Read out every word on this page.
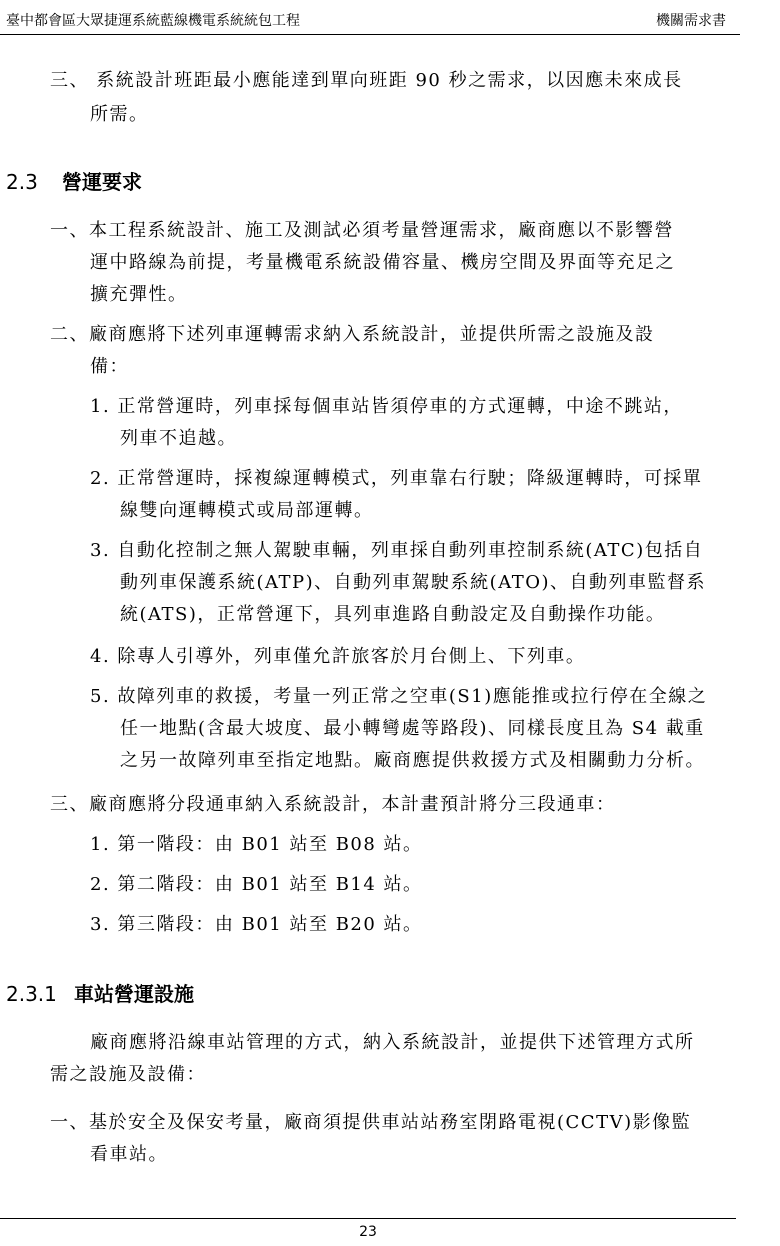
臺中都會區大眾捷運系統藍線機電系統統包工程	機關需求書
三、 系統設計班距最小應能達到單向班距 90 秒之需求，以因應未來成長
所需。
2.3 營運要求
一、本工程系統設計、施工及測試必須考量營運需求，廠商應以不影響營
運中路線為前提，考量機電系統設備容量、機房空間及界面等充足之
擴充彈性。
二、廠商應將下述列車運轉需求納入系統設計，並提供所需之設施及設
備：
1. 正常營運時，列車採每個車站皆須停車的方式運轉，中途不跳站，
列車不追越。
2. 正常營運時，採複線運轉模式，列車靠右行駛；降級運轉時，可採單
線雙向運轉模式或局部運轉。
3. 自動化控制之無人駕駛車輛，列車採自動列車控制系統(ATC)包括自
動列車保護系統(ATP)、自動列車駕駛系統(ATO)、自動列車監督系
統(ATS)，正常營運下，具列車進路自動設定及自動操作功能。
4. 除專人引導外，列車僅允許旅客於月台側上、下列車。
5. 故障列車的救援，考量一列正常之空車(S1)應能推或拉行停在全線之
任一地點(含最大坡度、最小轉彎處等路段)、同樣長度且為 S4 載重
之另一故障列車至指定地點。廠商應提供救援方式及相關動力分析。
三、廠商應將分段通車納入系統設計，本計畫預計將分三段通車：
1. 第一階段：由 B01 站至 B08 站。
2. 第二階段：由 B01 站至 B14 站。
3. 第三階段：由 B01 站至 B20 站。
2.3.1 車站營運設施
廠商應將沿線車站管理的方式，納入系統設計，並提供下述管理方式所
需之設施及設備：
一、基於安全及保安考量，廠商須提供車站站務室閉路電視(CCTV)影像監
看車站。
23
